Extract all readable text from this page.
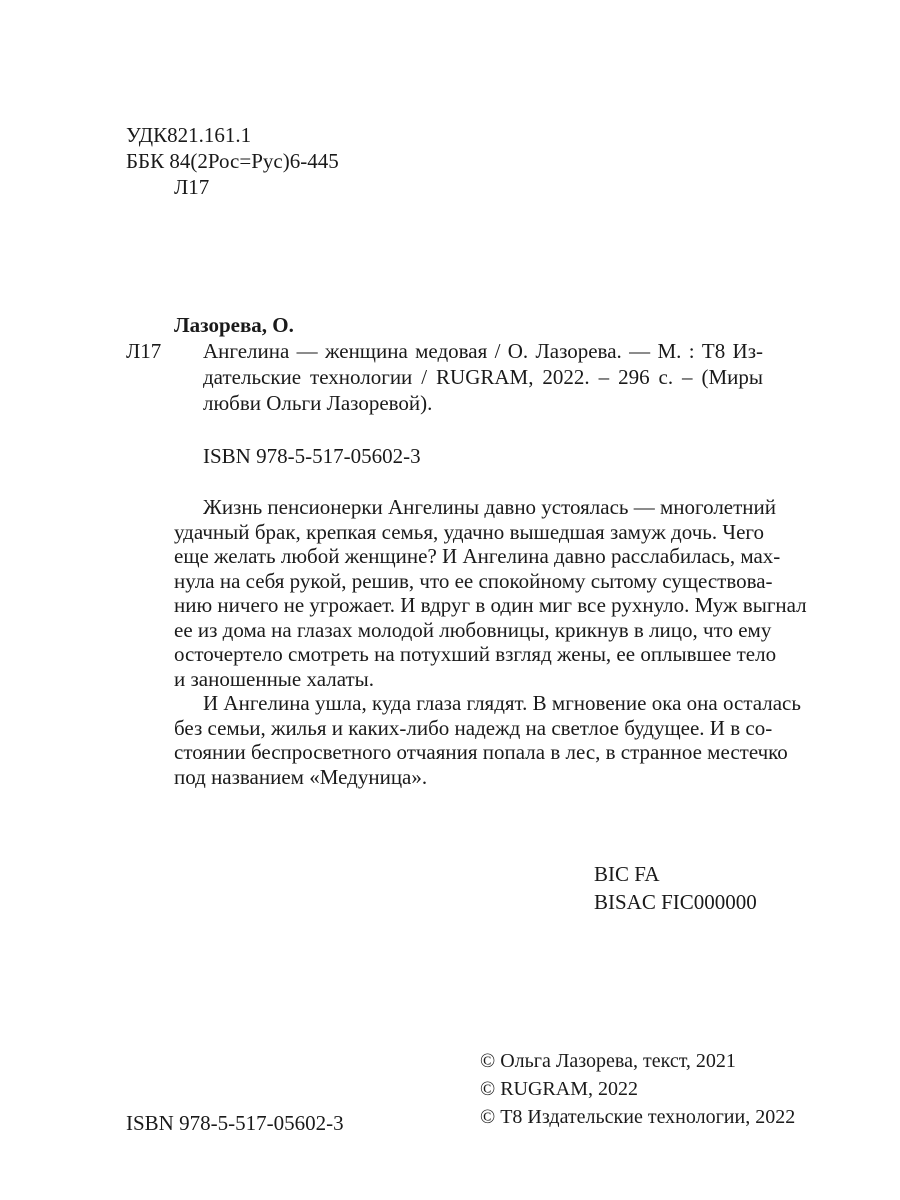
УДК821.161.1
ББК 84(2Рос=Рус)6-445
Л17
Лазорева, О.
Л17 Ангелина — женщина медовая / О. Лазорева. — М. : Т8 Из-
дательские технологии / RUGRAM, 2022. – 296 с. – (Миры
любви Ольги Лазоревой).
ISBN 978-5-517-05602-3
Жизнь пенсионерки Ангелины давно устоялась — многолетний
удачный брак, крепкая семья, удачно вышедшая замуж дочь. Чего
еще желать любой женщине? И Ангелина давно расслабилась, мах-
нула на себя рукой, решив, что ее спокойному сытому существова-
нию ничего не угрожает. И вдруг в один миг все рухнуло. Муж выгнал
ее из дома на глазах молодой любовницы, крикнув в лицо, что ему
осточертело смотреть на потухший взгляд жены, ее оплывшее тело
и заношенные халаты.
И Ангелина ушла, куда глаза глядят. В мгновение ока она осталась
без семьи, жилья и каких-либо надежд на светлое будущее. И в со-
стоянии беспросветного отчаяния попала в лес, в странное местечко
под названием «Медуница».
BIC FA
BISAC FIC000000
© Ольга Лазорева, текст, 2021
© RUGRAM, 2022
© Т8 Издательские технологии, 2022
ISBN 978-5-517-05602-3
